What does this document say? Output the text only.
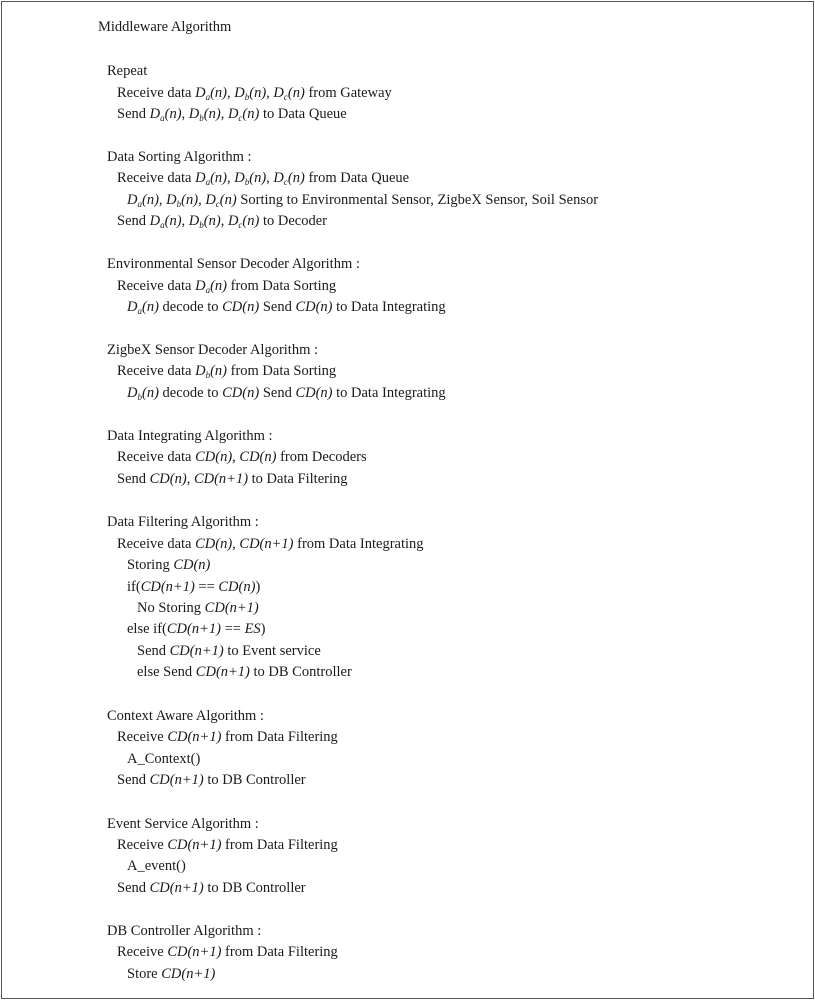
Middleware Algorithm
Repeat
Receive data $D_a(n)$, $D_b(n)$, $D_c(n)$ from Gateway
Send $D_a(n)$, $D_b(n)$, $D_c(n)$ to Data Queue
Data Sorting Algorithm :
Receive data $D_a(n)$, $D_b(n)$, $D_c(n)$ from Data Queue
$D_a(n)$, $D_b(n)$, $D_c(n)$ Sorting to Environmental Sensor, ZigbeX Sensor, Soil Sensor
Send $D_a(n)$, $D_b(n)$, $D_c(n)$ to Decoder
Environmental Sensor Decoder Algorithm :
Receive data $D_a(n)$ from Data Sorting
$D_a(n)$ decode to CD(n) Send CD(n) to Data Integrating
ZigbeX Sensor Decoder Algorithm :
Receive data $D_b(n)$ from Data Sorting
$D_b(n)$ decode to CD(n) Send CD(n) to Data Integrating
Data Integrating Algorithm :
Receive data CD(n), CD(n) from Decoders
Send CD(n), CD(n+1) to Data Filtering
Data Filtering Algorithm :
Receive data CD(n), CD(n+1) from Data Integrating
Storing CD(n)
if(CD(n+1) == CD(n))
No Storing CD(n+1)
else if(CD(n+1) == ES)
Send CD(n+1) to Event service
else Send CD(n+1) to DB Controller
Context Aware Algorithm :
Receive CD(n+1) from Data Filtering
A_Context()
Send CD(n+1) to DB Controller
Event Service Algorithm :
Receive CD(n+1) from Data Filtering
A_event()
Send CD(n+1) to DB Controller
DB Controller Algorithm :
Receive CD(n+1) from Data Filtering
Store CD(n+1)
